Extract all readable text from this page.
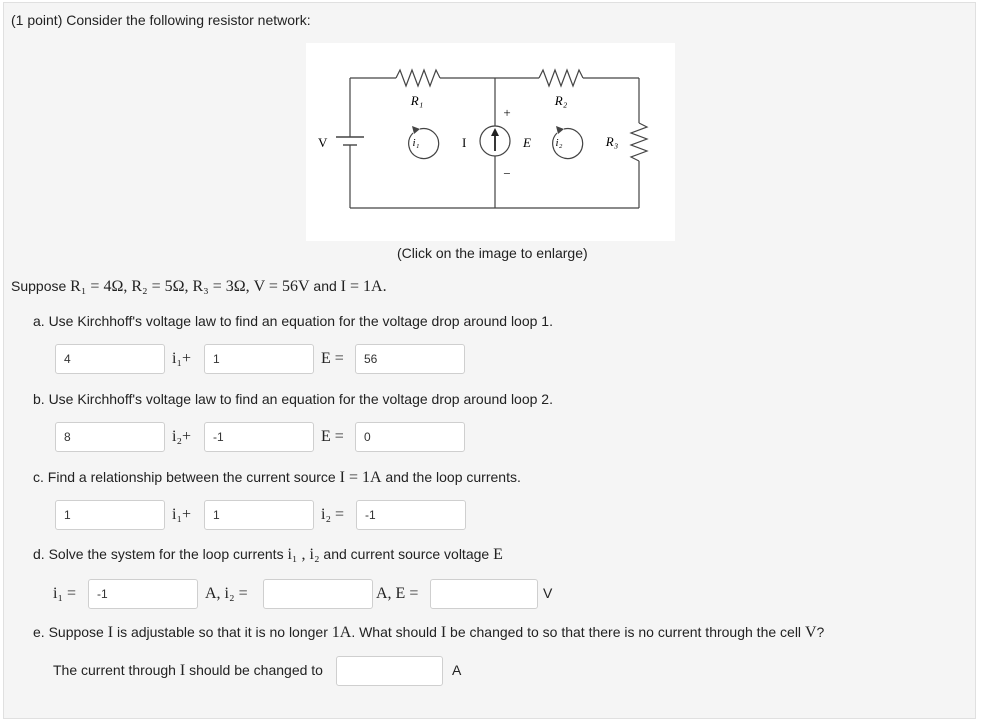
(1 point) Consider the following resistor network:
R₁	R₂
R₃
V	I	E
i₁	i₂
+
−
(Click on the image to enlarge)
Suppose R₁ = 4Ω, R₂ = 5Ω, R₃ = 3Ω, V = 56V and I = 1A.
a. Use Kirchhoff's voltage law to find an equation for the voltage drop around loop 1.
4	i₁+	1	E =	56
b. Use Kirchhoff's voltage law to find an equation for the voltage drop around loop 2.
8	i₂+	-1	E =	0
c. Find a relationship between the current source I = 1A and the loop currents.
1	i₁+	1	i₂ =	-1
d. Solve the system for the loop currents i₁ , i₂ and current source voltage E
i₁ =	-1	A, i₂ =	A, E =	V
e. Suppose I is adjustable so that it is no longer 1A. What should I be changed to so that there is no current through the cell V?
The current through I should be changed to	A
